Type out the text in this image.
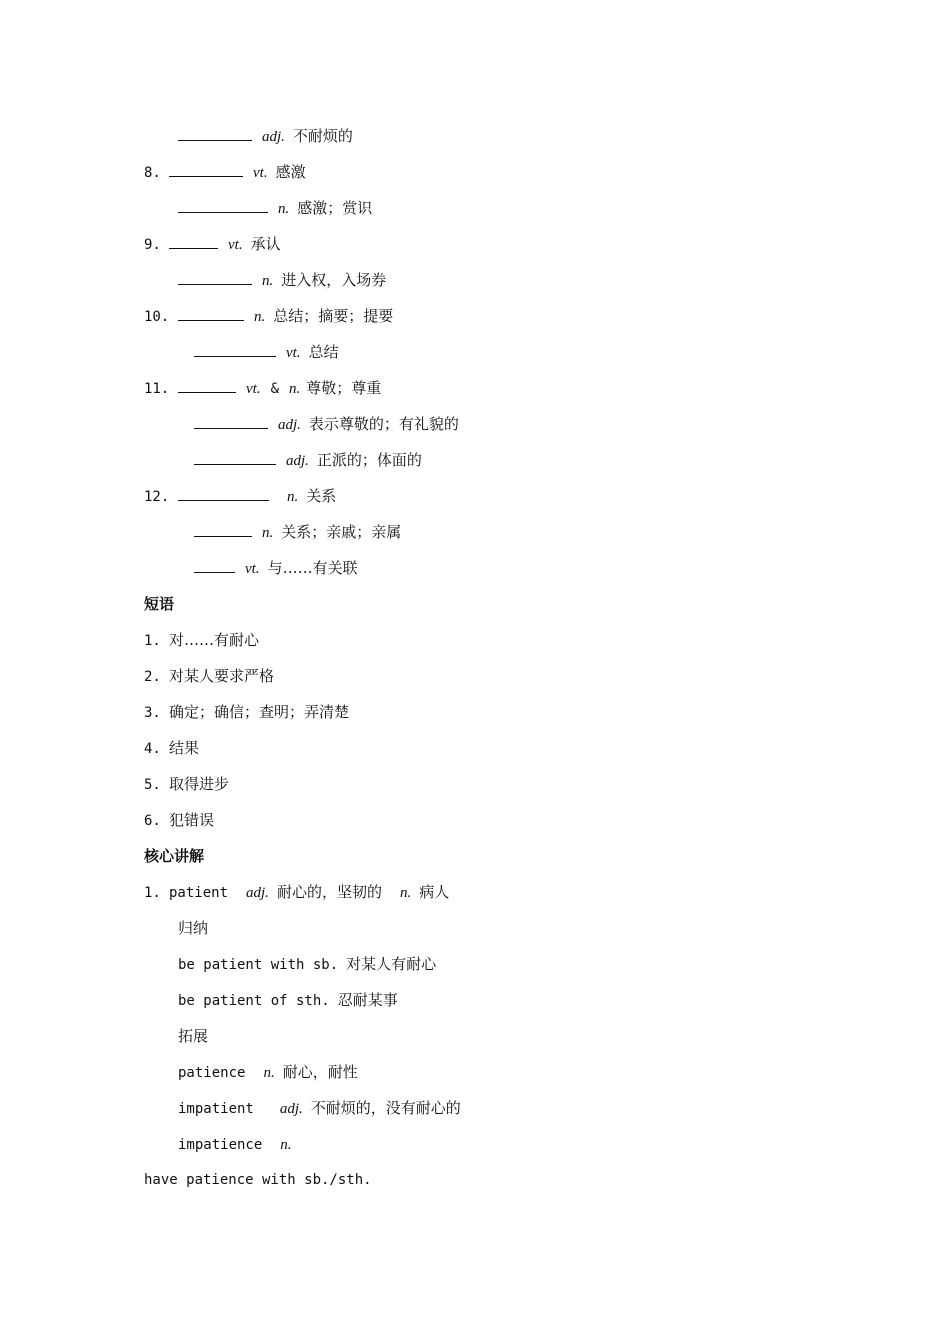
adj. 不耐烦的
8.	vt. 感激
n. 感激；赏识
9.	vt. 承认
n. 进入权，入场券
10.	n. 总结；摘要；提要
vt. 总结
11.	vt. & n. 尊敬；尊重
adj. 表示尊敬的；有礼貌的
adj. 正派的；体面的
12.	n. 关系
n. 关系；亲戚；亲属
vt. 与……有关联
短语
1. 对……有耐心
2. 对某人要求严格
3. 确定；确信；查明；弄清楚
4. 结果
5. 取得进步
6. 犯错误
核心讲解
1. patient adj. 耐心的，坚韧的 n. 病人
归纳
be patient with sb. 对某人有耐心
be patient of sth. 忍耐某事
拓展
patience n. 耐心，耐性
impatient adj. 不耐烦的，没有耐心的
impatience n.
have patience with sb./sth.
